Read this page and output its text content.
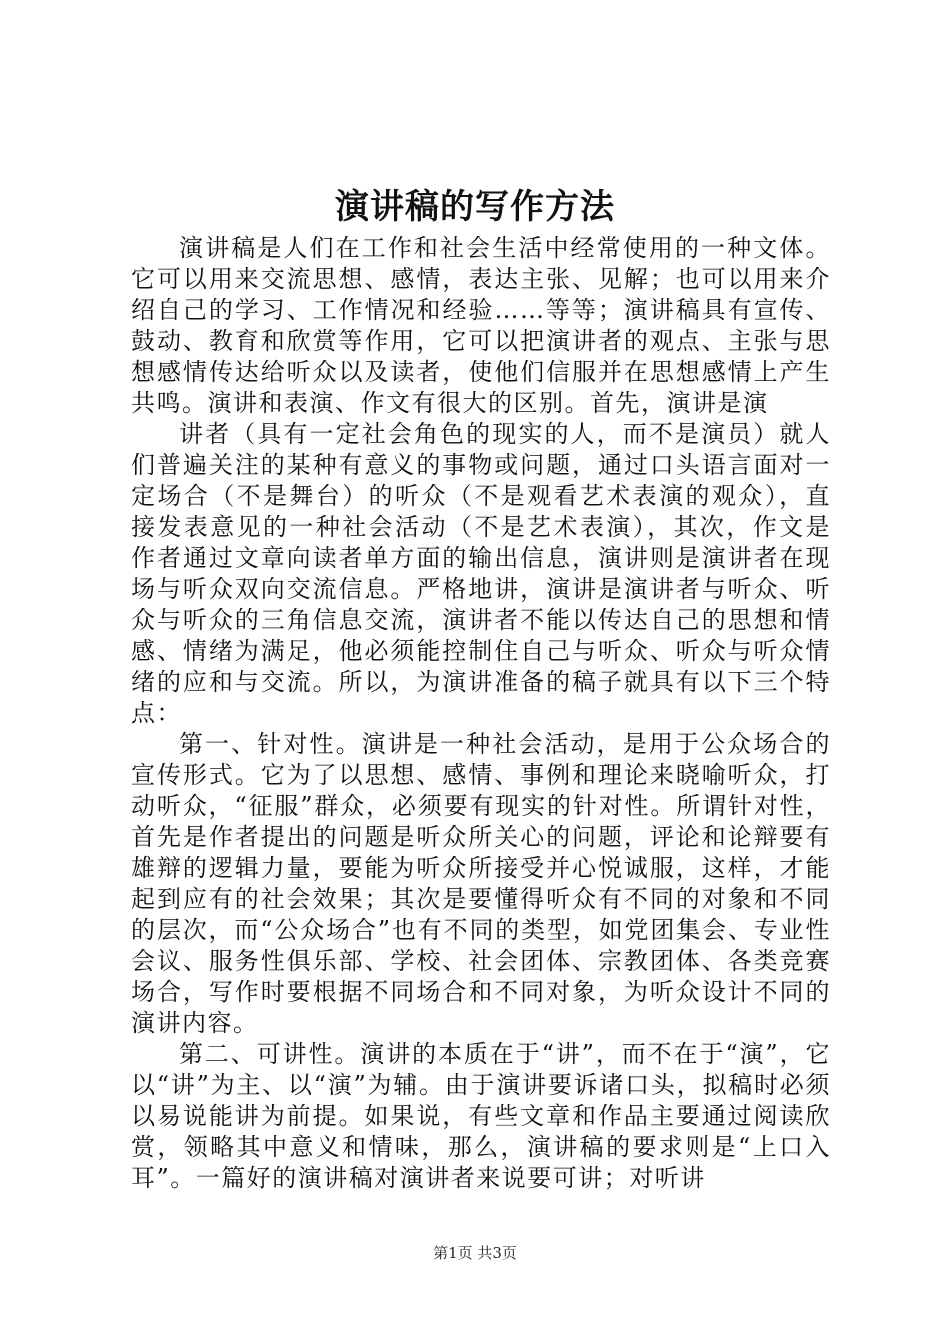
演讲稿的写作方法

演讲稿是人们在工作和社会生活中经常使用的一种文体。它可以用来交流思想、感情，表达主张、见解；也可以用来介绍自己的学习、工作情况和经验……等等；演讲稿具有宣传、鼓动、教育和欣赏等作用，它可以把演讲者的观点、主张与思想感情传达给听众以及读者，使他们信服并在思想感情上产生共鸣。演讲和表演、作文有很大的区别。首先，演讲是演

讲者（具有一定社会角色的现实的人，而不是演员）就人们普遍关注的某种有意义的事物或问题，通过口头语言面对一定场合（不是舞台）的听众（不是观看艺术表演的观众），直接发表意见的一种社会活动（不是艺术表演），其次，作文是作者通过文章向读者单方面的输出信息，演讲则是演讲者在现场与听众双向交流信息。严格地讲，演讲是演讲者与听众、听众与听众的三角信息交流，演讲者不能以传达自己的思想和情感、情绪为满足，他必须能控制住自己与听众、听众与听众情绪的应和与交流。所以，为演讲准备的稿子就具有以下三个特点：

第一、针对性。演讲是一种社会活动，是用于公众场合的宣传形式。它为了以思想、感情、事例和理论来晓喻听众，打动听众，“征服”群众，必须要有现实的针对性。所谓针对性，首先是作者提出的问题是听众所关心的问题，评论和论辩要有雄辩的逻辑力量，要能为听众所接受并心悦诚服，这样，才能起到应有的社会效果；其次是要懂得听众有不同的对象和不同的层次，而“公众场合”也有不同的类型，如党团集会、专业性会议、服务性俱乐部、学校、社会团体、宗教团体、各类竞赛场合，写作时要根据不同场合和不同对象，为听众设计不同的演讲内容。

第二、可讲性。演讲的本质在于“讲”，而不在于“演”，它以“讲”为主、以“演”为辅。由于演讲要诉诸口头，拟稿时必须以易说能讲为前提。如果说，有些文章和作品主要通过阅读欣赏，领略其中意义和情味，那么，演讲稿的要求则是“上口入耳”。一篇好的演讲稿对演讲者来说要可讲；对听讲

第1页 共3页
